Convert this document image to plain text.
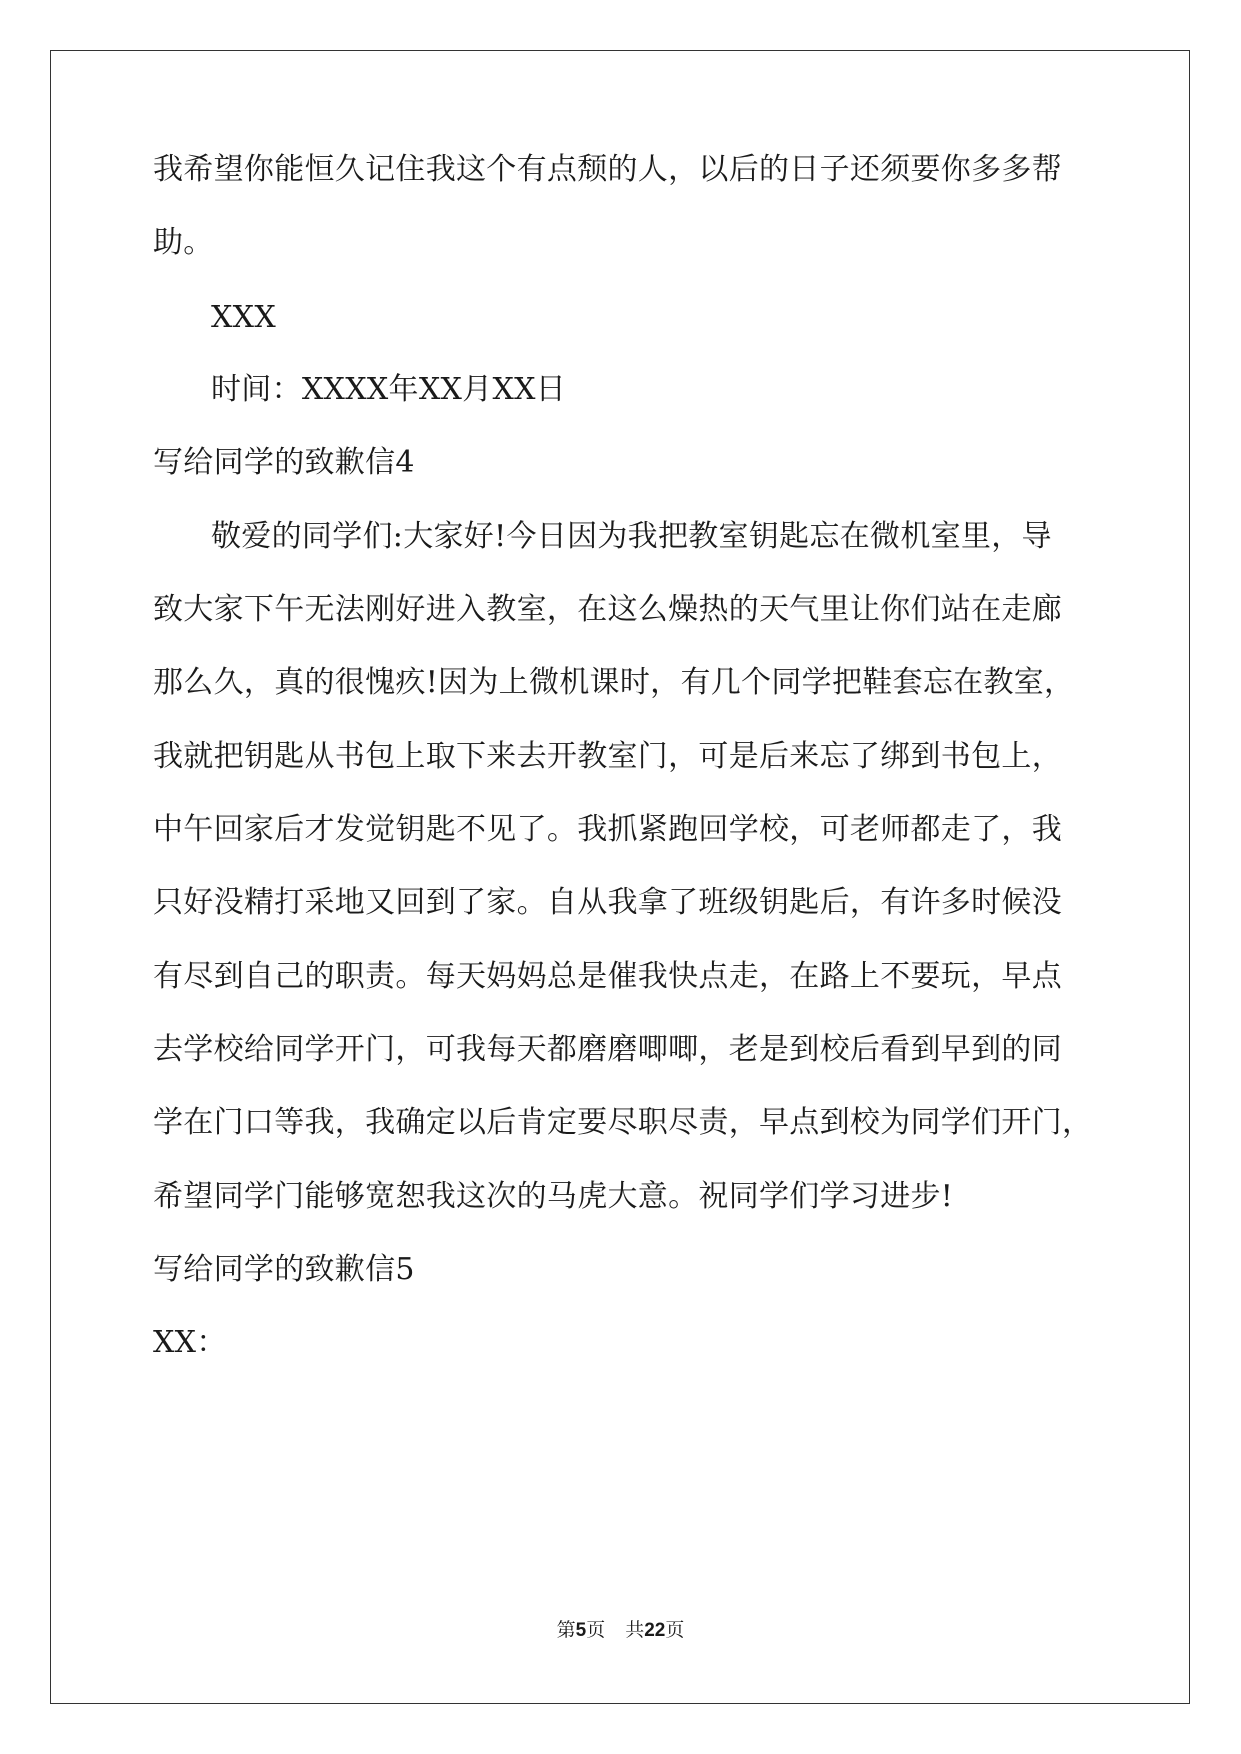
我希望你能恒久记住我这个有点颓的人，以后的日子还须要你多多帮
助。
XXX
时间：XXXX年XX月XX日
写给同学的致歉信4
敬爱的同学们:大家好!今日因为我把教室钥匙忘在微机室里，导
致大家下午无法刚好进入教室，在这么燥热的天气里让你们站在走廊
那么久，真的很愧疚!因为上微机课时，有几个同学把鞋套忘在教室，
我就把钥匙从书包上取下来去开教室门，可是后来忘了绑到书包上，
中午回家后才发觉钥匙不见了。我抓紧跑回学校，可老师都走了，我
只好没精打采地又回到了家。自从我拿了班级钥匙后，有许多时候没
有尽到自己的职责。每天妈妈总是催我快点走，在路上不要玩，早点
去学校给同学开门，可我每天都磨磨唧唧，老是到校后看到早到的同
学在门口等我，我确定以后肯定要尽职尽责，早点到校为同学们开门，
希望同学门能够宽恕我这次的马虎大意。祝同学们学习进步!
写给同学的致歉信5
XX：
第5页 共22页
